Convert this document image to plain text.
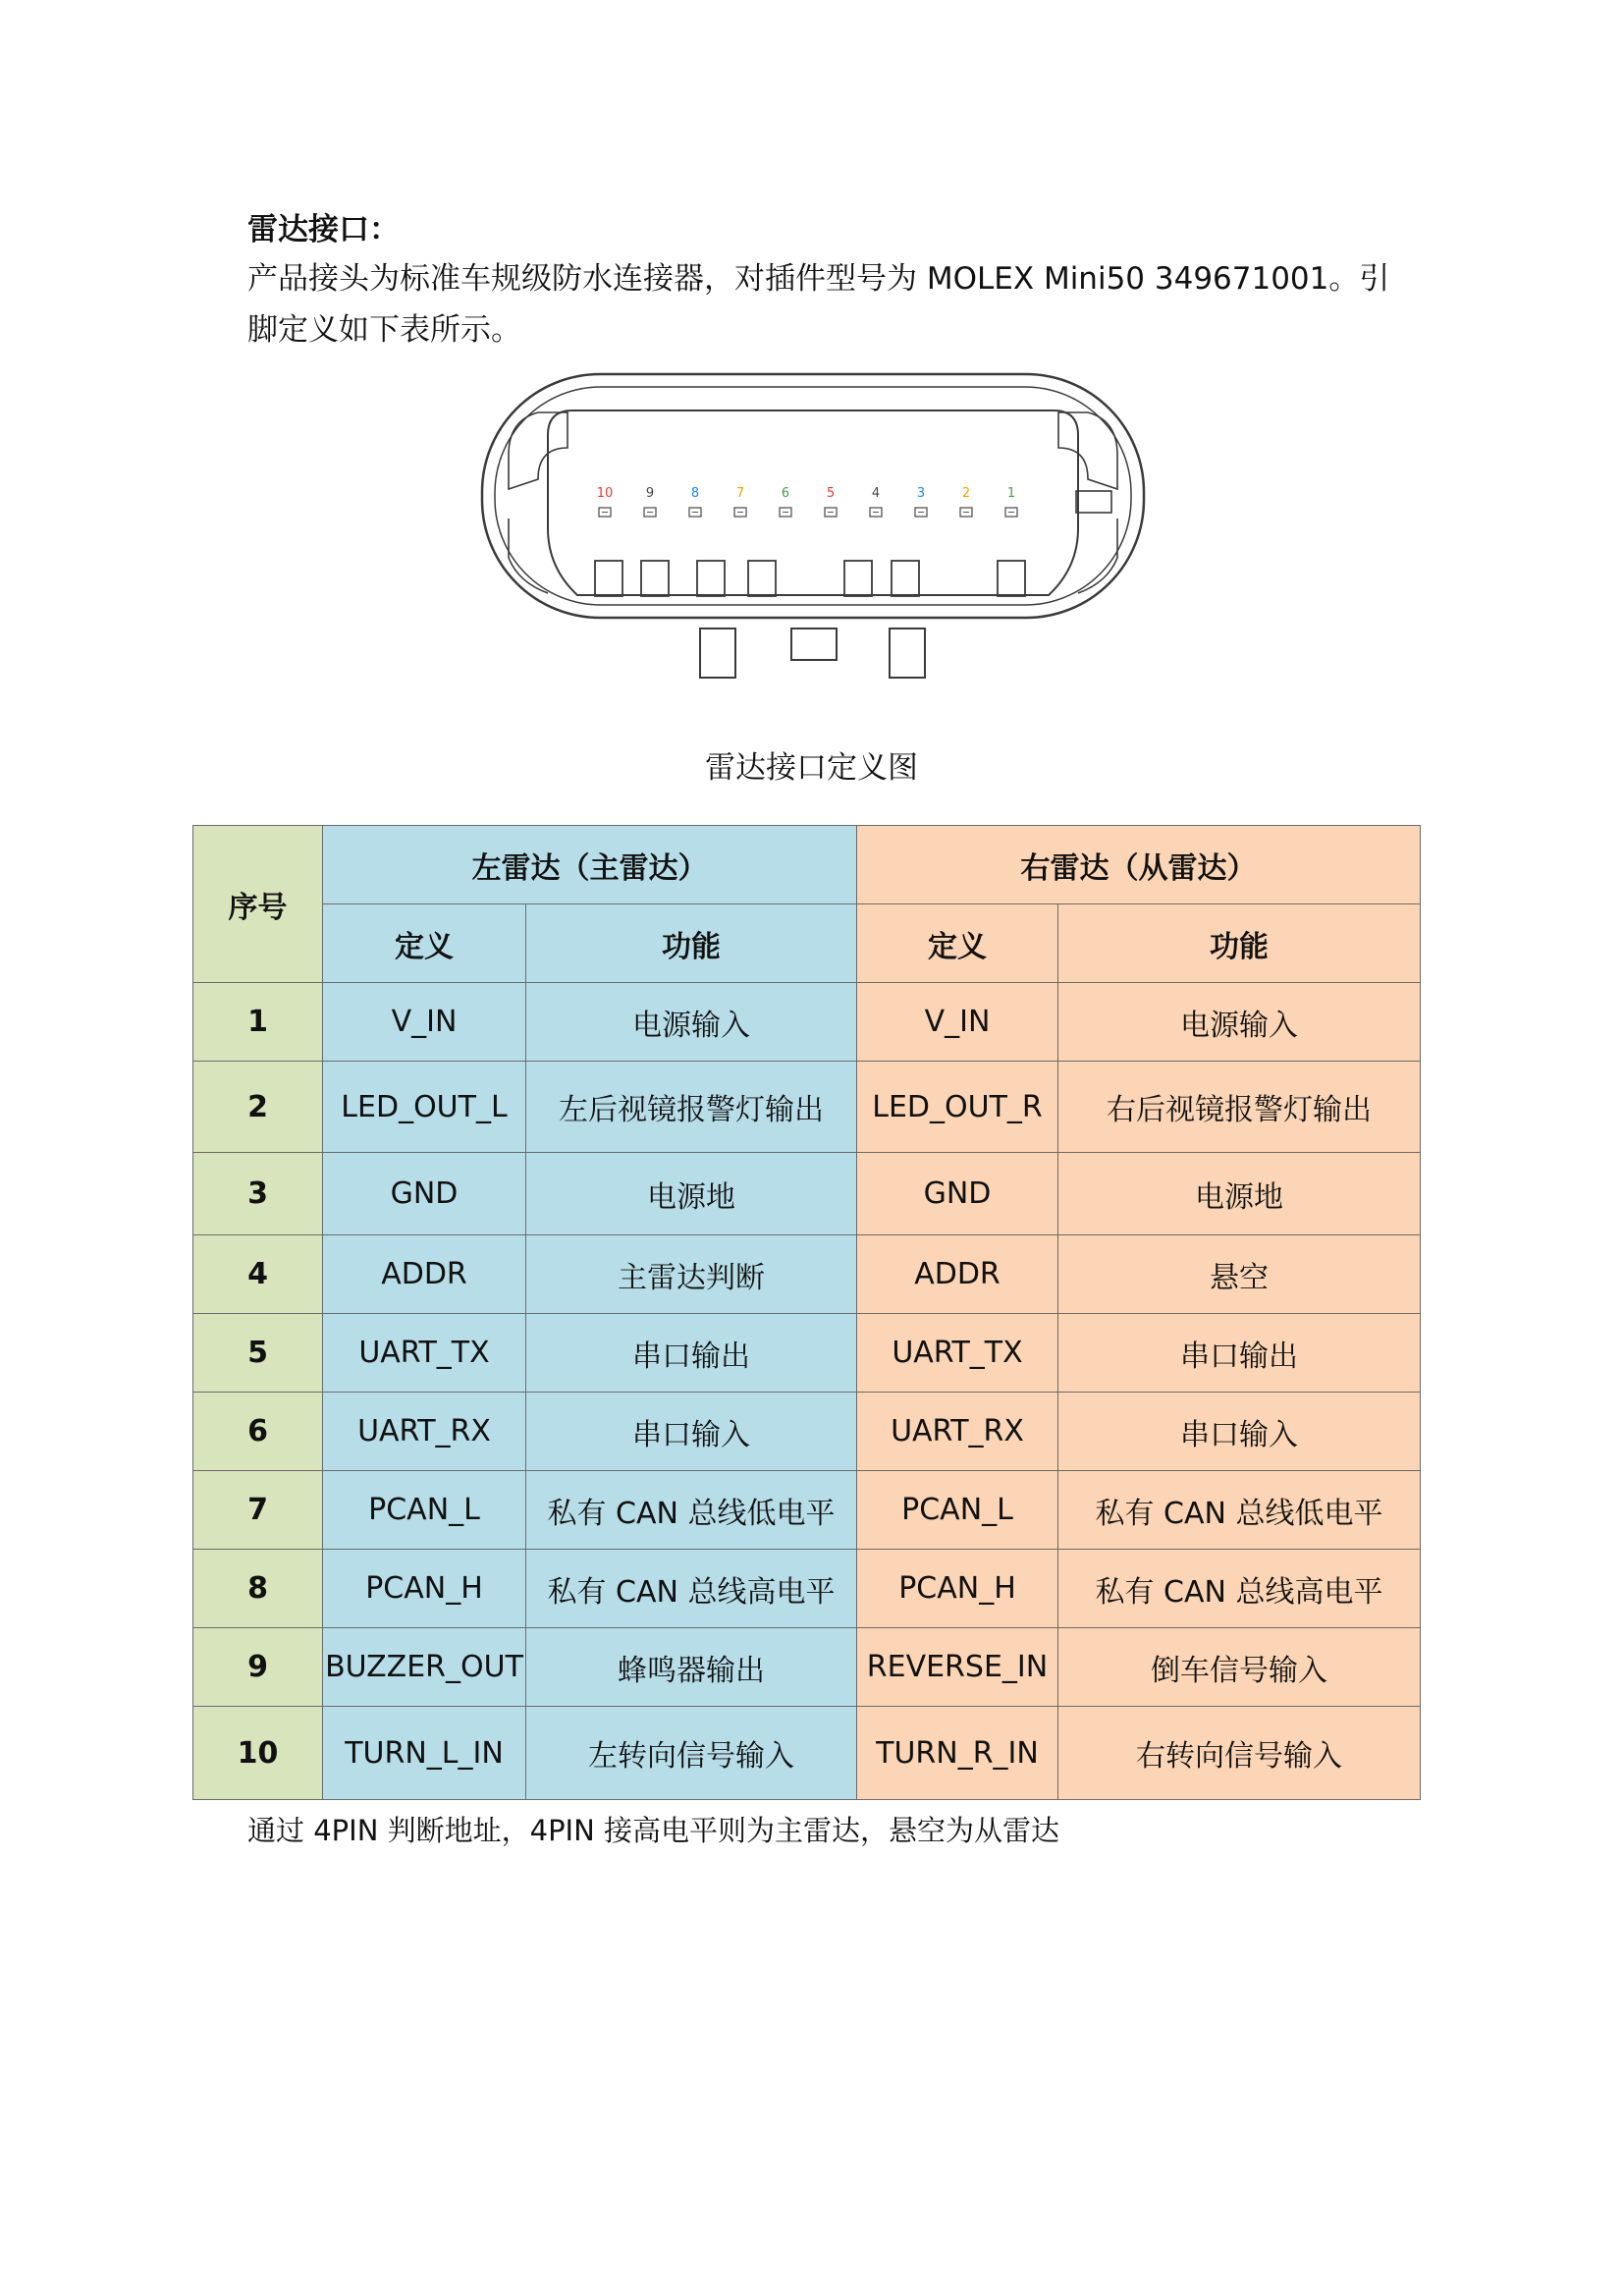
雷达接口：
产品接头为标准车规级防水连接器，对插件型号为 MOLEX Mini50 349671001。引脚定义如下表所示。
10	9	8	7	6	5	4	3	2	1
雷达接口定义图
序号	左雷达（主雷达）		右雷达（从雷达）	
	定义	功能	定义	功能
1	V_IN	电源输入	V_IN	电源输入
2	LED_OUT_L	左后视镜报警灯输出	LED_OUT_R	右后视镜报警灯输出
3	GND	电源地	GND	电源地
4	ADDR	主雷达判断	ADDR	悬空
5	UART_TX	串口输出	UART_TX	串口输出
6	UART_RX	串口输入	UART_RX	串口输入
7	PCAN_L	私有 CAN 总线低电平	PCAN_L	私有 CAN 总线低电平
8	PCAN_H	私有 CAN 总线高电平	PCAN_H	私有 CAN 总线高电平
9	BUZZER_OUT	蜂鸣器输出	REVERSE_IN	倒车信号输入
10	TURN_L_IN	左转向信号输入	TURN_R_IN	右转向信号输入
通过 4PIN 判断地址，4PIN 接高电平则为主雷达，悬空为从雷达
